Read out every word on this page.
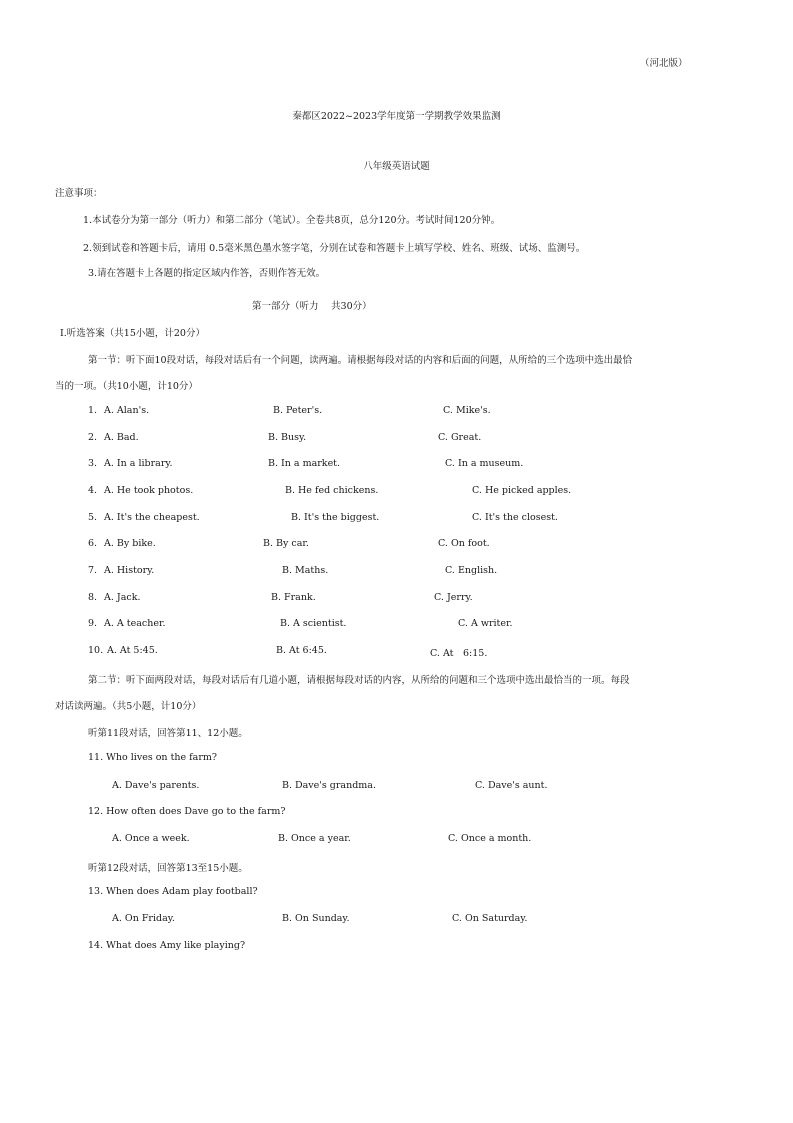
（河北版）
秦都区2022~2023学年度第一学期教学效果监测
八年级英语试题
注意事项：
1.本试卷分为第一部分（听力）和第二部分（笔试）。全卷共8页，总分120分。考试时间120分钟。
2.领到试卷和答题卡后，请用 0.5毫米黑色墨水签字笔，分别在试卷和答题卡上填写学校、姓名、班级、试场、监测号。
3.请在答题卡上各题的指定区域内作答，否则作答无效。
第一部分（听力　 共30分）
Ⅰ.听选答案（共15小题，计20分）
第一节：听下面10段对话，每段对话后有一个问题，读两遍。请根据每段对话的内容和后面的问题，从所给的三个选项中选出最恰
当的一项。（共10小题，计10分）
1. A. Alan's.	B. Peter's.	C. Mike's.
2. A. Bad.	B. Busy.	C. Great.
3. A. In a library.	B. In a market.	C. In a museum.
4. A. He took photos.	B. He fed chickens.	C. He picked apples.
5. A. It's the cheapest.	B. It's the biggest.	C. It's the closest.
6. A. By bike.	B. By car.	C. On foot.
7. A. History.	B. Maths.	C. English.
8. A. Jack.	B. Frank.	C. Jerry.
9. A. A teacher.	B. A scientist.	C. A writer.
10. A. At 5:45.	B. At 6:45.	C. At　6:15.
第二节：听下面两段对话，每段对话后有几道小题，请根据每段对话的内容，从所给的问题和三个选项中选出最恰当的一项。每段
对话读两遍。（共5小题，计10分）
听第11段对话，回答第11、12小题。
11. Who lives on the farm?
A. Dave's parents.	B. Dave's grandma.	C. Dave's aunt.
12. How often does Dave go to the farm?
A. Once a week.	B. Once a year.	C. Once a month.
听第12段对话，回答第13至15小题。
13. When does Adam play football?
A. On Friday.	B. On Sunday.	C. On Saturday.
14. What does Amy like playing?
